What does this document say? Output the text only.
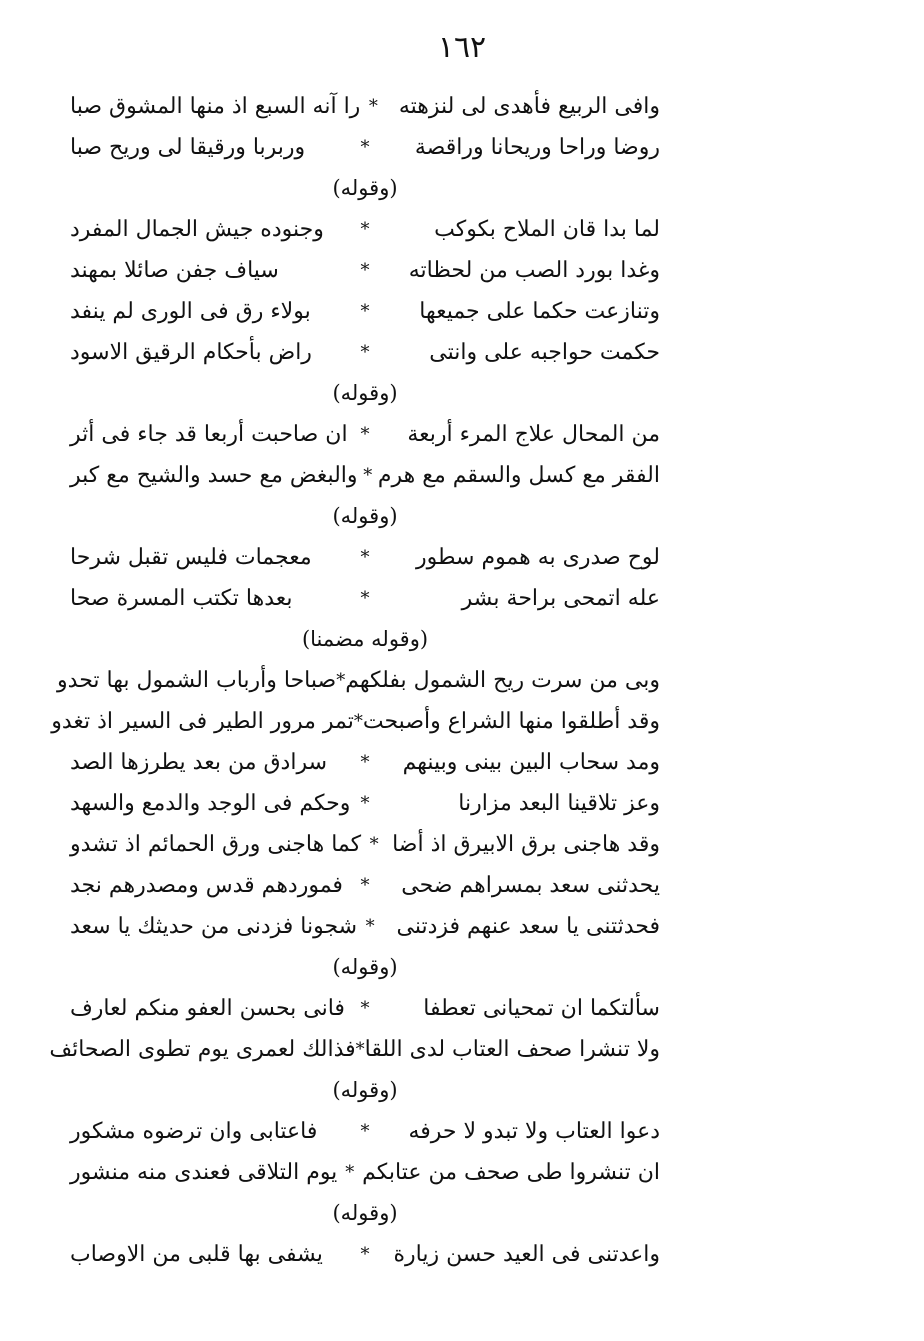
١٦٢
وافى الربيع فأهدى لى لنزهته
*
را آنه السبع اذ منها المشوق صبا
روضا وراحا وريحانا وراقصة
*
وربربا ورقيقا لى وريح صبا
(وقوله)
لما بدا قان الملاح بكوكب
*
وجنوده جيش الجمال المفرد
وغدا بورد الصب من لحظاته
*
سياف جفن صائلا بمهند
وتنازعت حكما على جميعها
*
بولاء رق فى الورى لم ينفد
حكمت حواجبه على وانتى
*
راض بأحكام الرقيق الاسود
(وقوله)
من المحال علاج المرء أربعة
*
ان صاحبت أربعا قد جاء فى أثر
الفقر مع كسل والسقم مع هرم
*
والبغض مع حسد والشيح مع كبر
(وقوله)
لوح صدرى به هموم سطور
*
معجمات فليس تقبل شرحا
عله اتمحى براحة بشر
*
بعدها تكتب المسرة صحا
(وقوله مضمنا)
وبى من سرت ريح الشمول بفلكهم
*
صباحا وأرباب الشمول بها تحدو
وقد أطلقوا منها الشراع وأصبحت
*
تمر مرور الطير فى السير اذ تغدو
ومد سحاب البين بينى وبينهم
*
سرادق من بعد يطرزها الصد
وعز تلاقينا البعد مزارنا
*
وحكم فى الوجد والدمع والسهد
وقد هاجنى برق الابيرق اذ أضا
*
كما هاجنى ورق الحمائم اذ تشدو
يحدثنى سعد بمسراهم ضحى
*
فموردهم قدس ومصدرهم نجد
فحدثتنى يا سعد عنهم فزدتنى
*
شجونا فزدنى من حديثك يا سعد
(وقوله)
سألتكما ان تمحيانى تعطفا
*
فانى بحسن العفو منكم لعارف
ولا تنشرا صحف العتاب لدى اللقا
*
فذالك لعمرى يوم تطوى الصحائف
(وقوله)
دعوا العتاب ولا تبدو لا حرفه
*
فاعتابى وان ترضوه مشكور
ان تنشروا طى صحف من عتابكم
*
يوم التلاقى فعندى منه منشور
(وقوله)
واعدتنى فى العيد حسن زيارة
*
يشفى بها قلبى من الاوصاب
